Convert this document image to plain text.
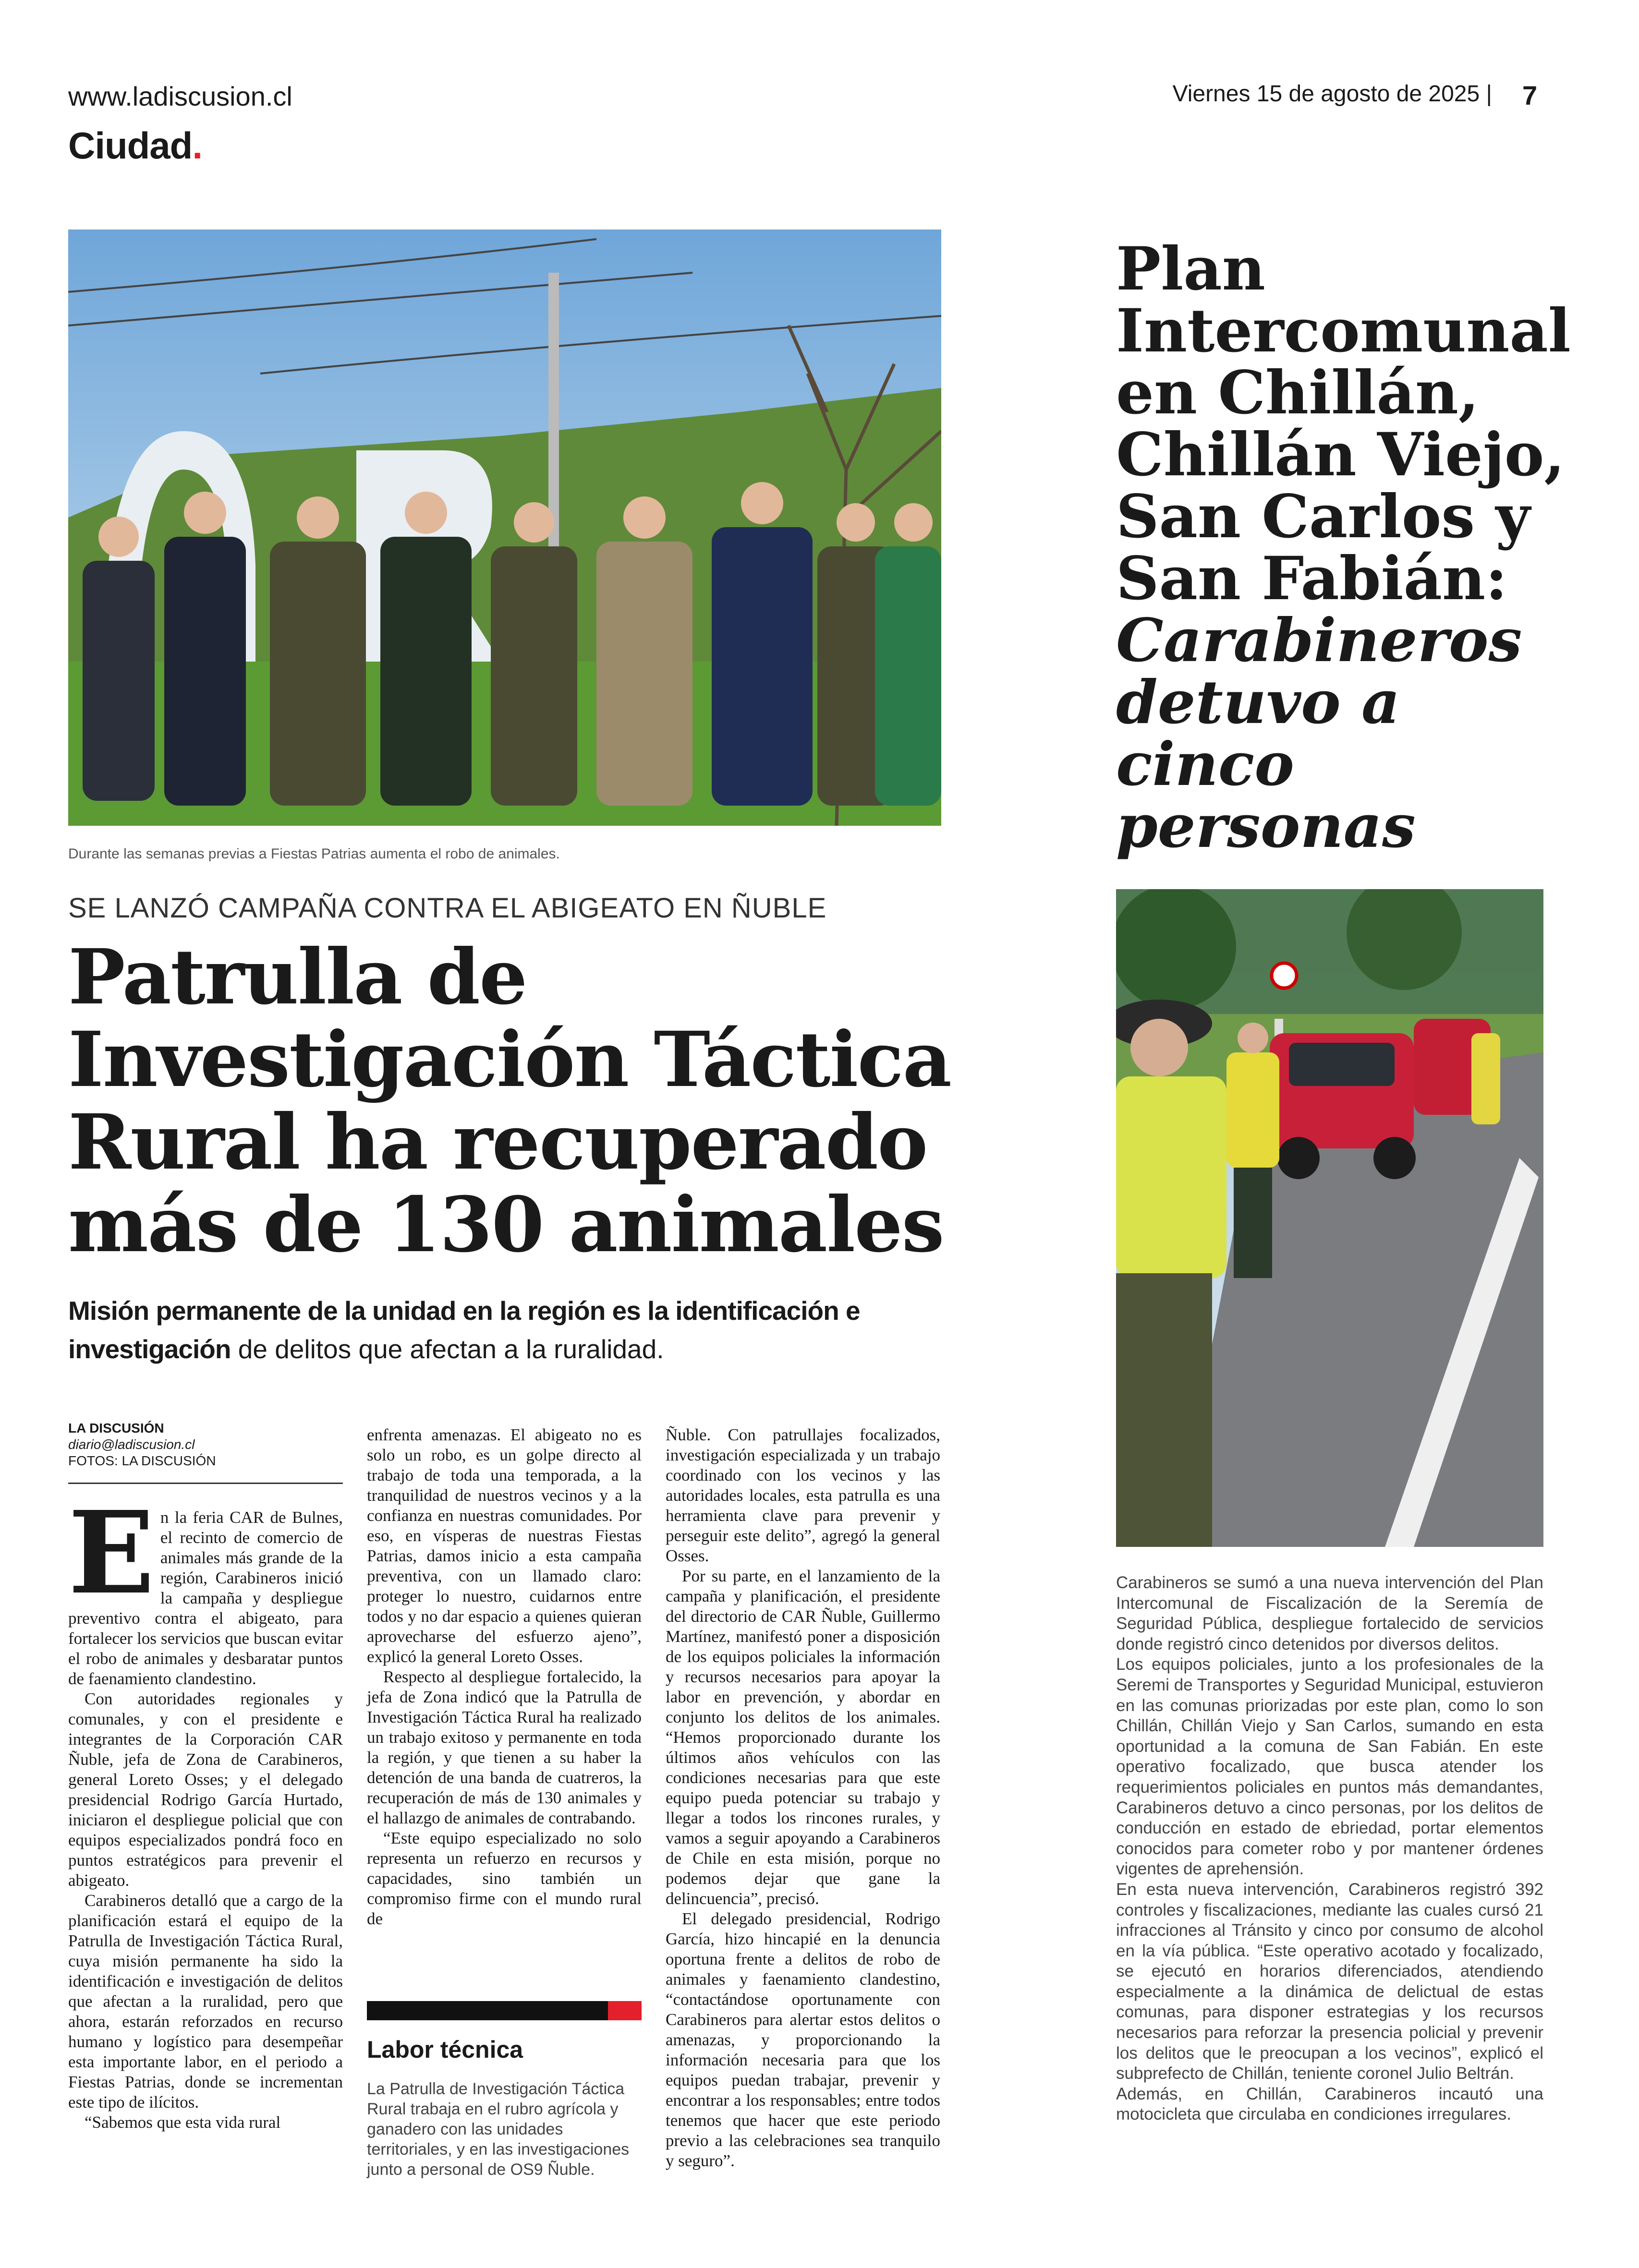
www.ladiscusion.cl	Viernes 15 de agosto de 2025 | 7
Ciudad.
Durante las semanas previas a Fiestas Patrias aumenta el robo de animales.
SE LANZÓ CAMPAÑA CONTRA EL ABIGEATO EN ÑUBLE
Patrulla de Investigación Táctica Rural ha recuperado más de 130 animales
Misión permanente de la unidad en la región es la identificación e investigación de delitos que afectan a la ruralidad.
LA DISCUSIÓN
diario@ladiscusion.cl
FOTOS: LA DISCUSIÓN

En la feria CAR de Bulnes, el recinto de comercio de animales más grande de la región, Carabineros inició la campaña y despliegue preventivo contra el abigeato, para fortalecer los servicios que buscan evitar el robo de animales y desbaratar puntos de faenamiento clandestino.

Con autoridades regionales y comunales, y con el presidente e integrantes de la Corporación CAR Ñuble, jefa de Zona de Carabineros, general Loreto Osses; y el delegado presidencial Rodrigo García Hurtado, iniciaron el despliegue policial que con equipos especializados pondrá foco en puntos estratégicos para prevenir el abigeato.

Carabineros detalló que a cargo de la planificación estará el equipo de la Patrulla de Investigación Táctica Rural, cuya misión permanente ha sido la identificación e investigación de delitos que afectan a la ruralidad, pero que ahora, estarán reforzados en recurso humano y logístico para desempeñar esta importante labor, en el periodo a Fiestas Patrias, donde se incrementan este tipo de ilícitos.

“Sabemos que esta vida rural

enfrenta amenazas. El abigeato no es solo un robo, es un golpe directo al trabajo de toda una temporada, a la tranquilidad de nuestros vecinos y a la confianza en nuestras comunidades. Por eso, en vísperas de nuestras Fiestas Patrias, damos inicio a esta campaña preventiva, con un llamado claro: proteger lo nuestro, cuidarnos entre todos y no dar espacio a quienes quieran aprovecharse del esfuerzo ajeno”, explicó la general Loreto Osses.

Respecto al despliegue fortalecido, la jefa de Zona indicó que la Patrulla de Investigación Táctica Rural ha realizado un trabajo exitoso y permanente en toda la región, y que tienen a su haber la detención de una banda de cuatreros, la recuperación de más de 130 animales y el hallazgo de animales de contrabando.

“Este equipo especializado no solo representa un refuerzo en recursos y capacidades, sino también un compromiso firme con el mundo rural de

Ñuble. Con patrullajes focalizados, investigación especializada y un trabajo coordinado con los vecinos y las autoridades locales, esta patrulla es una herramienta clave para prevenir y perseguir este delito”, agregó la general Osses.

Por su parte, en el lanzamiento de la campaña y planificación, el presidente del directorio de CAR Ñuble, Guillermo Martínez, manifestó poner a disposición de los equipos policiales la información y recursos necesarios para apoyar la labor en prevención, y abordar en conjunto los delitos de los animales. “Hemos proporcionado durante los últimos años vehículos con las condiciones necesarias para que este equipo pueda potenciar su trabajo y llegar a todos los rincones rurales, y vamos a seguir apoyando a Carabineros de Chile en esta misión, porque no podemos dejar que gane la delincuencia”, precisó.

El delegado presidencial, Rodrigo García, hizo hincapié en la denuncia oportuna frente a delitos de robo de animales y faenamiento clandestino, “contactándose oportunamente con Carabineros para alertar estos delitos o amenazas, y proporcionando la información necesaria para que los equipos puedan trabajar, prevenir y encontrar a los responsables; entre todos tenemos que hacer que este periodo previo a las celebraciones sea tranquilo y seguro”.

Labor técnica
La Patrulla de Investigación Táctica Rural trabaja en el rubro agrícola y ganadero con las unidades territoriales, y en las investigaciones junto a personal de OS9 Ñuble.
Plan Intercomunal en Chillán, Chillán Viejo, San Carlos y San Fabián: Carabineros detuvo a cinco personas

Carabineros se sumó a una nueva intervención del Plan Intercomunal de Fiscalización de la Seremía de Seguridad Pública, despliegue fortalecido de servicios donde registró cinco detenidos por diversos delitos.

Los equipos policiales, junto a los profesionales de la Seremi de Transportes y Seguridad Municipal, estuvieron en las comunas priorizadas por este plan, como lo son Chillán, Chillán Viejo y San Carlos, sumando en esta oportunidad a la comuna de San Fabián. En este operativo focalizado, que busca atender los requerimientos policiales en puntos más demandantes, Carabineros detuvo a cinco personas, por los delitos de conducción en estado de ebriedad, portar elementos conocidos para cometer robo y por mantener órdenes vigentes de aprehensión.

En esta nueva intervención, Carabineros registró 392 controles y fiscalizaciones, mediante las cuales cursó 21 infracciones al Tránsito y cinco por consumo de alcohol en la vía pública. “Este operativo acotado y focalizado, se ejecutó en horarios diferenciados, atendiendo especialmente a la dinámica de delictual de estas comunas, para disponer estrategias y los recursos necesarios para reforzar la presencia policial y prevenir los delitos que le preocupan a los vecinos”, explicó el subprefecto de Chillán, teniente coronel Julio Beltrán.

Además, en Chillán, Carabineros incautó una motocicleta que circulaba en condiciones irregulares.
